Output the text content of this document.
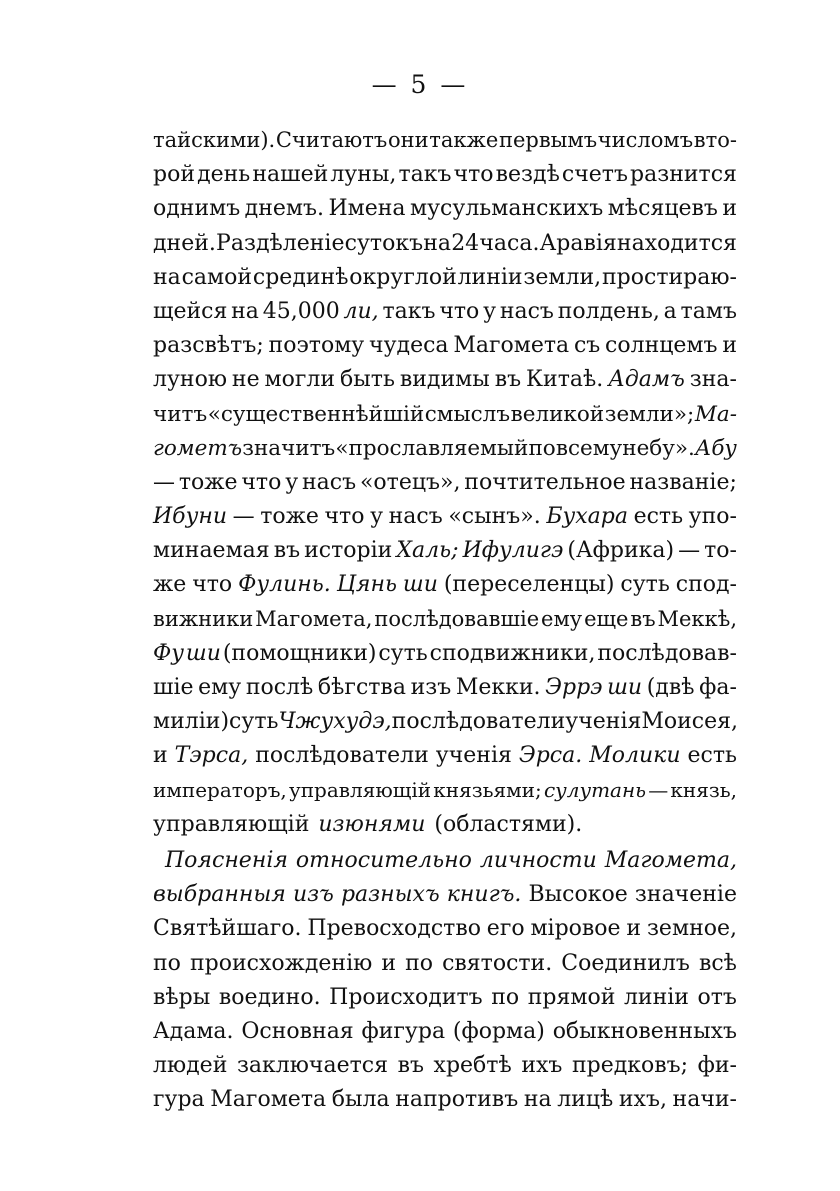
— 5 —
тайскими). Считаютъ они также первымъ числомъ вто-
рой день нашей луны, такъ что вездѣ счетъ разнится
однимъ днемъ. Имена мусульманскихъ мѣсяцевъ и
дней. Раздѣленіе сутокъ на 24 часа. Аравія находится
на самой срединѣ округлой линіи земли, простираю-
щейся на 45,000 ли, такъ что у насъ полдень, а тамъ
разсвѣтъ; поэтому чудеса Магомета съ солнцемъ и
луною не могли быть видимы въ Китаѣ. Адамъ зна-
читъ «существеннѣйшій смыслъ великой земли»; Ма-
гометъ значитъ «прославляемый по всему небу». Абу
— тоже что у насъ «отецъ», почтительное названіе;
Ибуни — тоже что у насъ «сынъ». Бухара есть упо-
минаемая въ исторіи Халь; Ифулигэ (Африка) — то-
же что Фулинь. Цянь ши (переселенцы) суть спод-
вижники Магомета, послѣдовавшіе ему еще въ Меккѣ,
Фу ши (помощники) суть сподвижники, послѣдовав-
шіе ему послѣ бѣгства изъ Мекки. Эррэ ши (двѣ фа-
миліи) суть Чжухудэ, послѣдователи ученія Моисея,
и Тэрса, послѣдователи ученія Эрса. Молики есть
императоръ, управляющій князьями; сулутань — князь,
управляющій изюнями (областями).
Поясненія относительно личности Магомета,
выбранныя изъ разныхъ книгъ. Высокое значеніе
Святѣйшаго. Превосходство его міровое и земное,
по происхожденію и по святости. Соединилъ всѣ
вѣры воедино. Происходитъ по прямой линіи отъ
Адама. Основная фигура (форма) обыкновенныхъ
людей заключается въ хребтѣ ихъ предковъ; фи-
гура Магомета была напротивъ на лицѣ ихъ, начи-
